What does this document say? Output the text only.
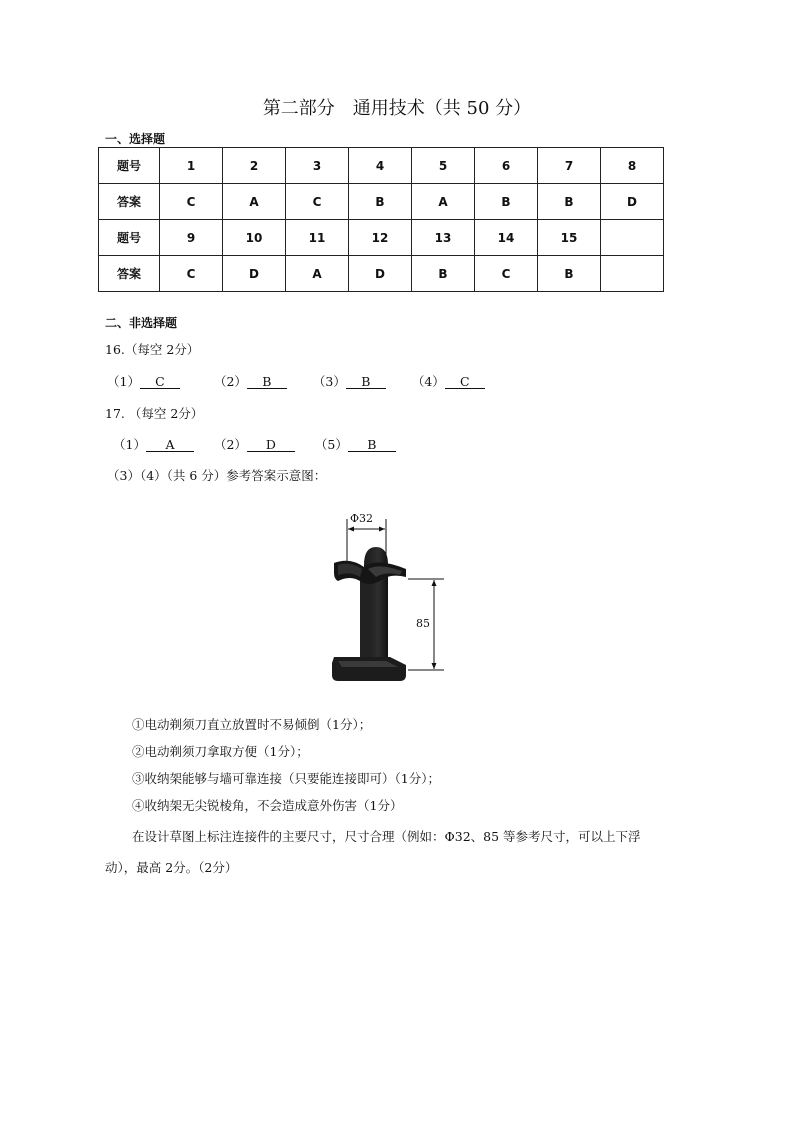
第二部分　通用技术（共 50 分）
一、选择题
题号	1	2	3	4	5	6	7	8
答案	C	A	C	B	A	B	B	D
题号	9	10	11	12	13	14	15	
答案	C	D	A	D	B	C	B	
二、非选择题
16.（每空 2分）
（1） C	（2） B	（3） B	（4） C
17. （每空 2分）
（1） A	（2） D	（5） B
（3）（4）（共 6 分）参考答案示意图：
Φ32
85
①电动剃须刀直立放置时不易倾倒（1分）；
②电动剃须刀拿取方便（1分）；
③收纳架能够与墙可靠连接（只要能连接即可）（1分）；
④收纳架无尖锐棱角，不会造成意外伤害（1分）
在设计草图上标注连接件的主要尺寸，尺寸合理（例如：Φ32、85 等参考尺寸，可以上下浮
动），最高 2分。（2分）
